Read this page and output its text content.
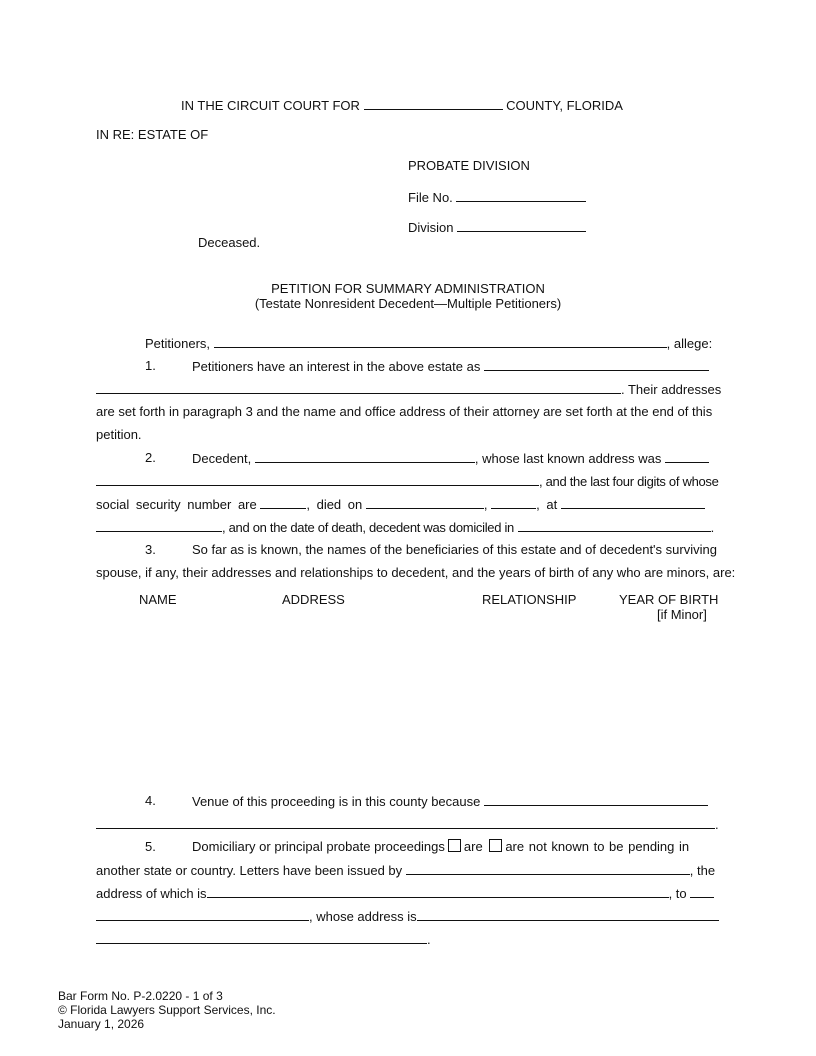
IN THE CIRCUIT COURT FOR	COUNTY, FLORIDA
IN RE: ESTATE OF
PROBATE DIVISION
File No.
Division
Deceased.
PETITION FOR SUMMARY ADMINISTRATION
(Testate Nonresident Decedent—Multiple Petitioners)
Petitioners,	, allege:
1.	Petitioners have an interest in the above estate as
. Their addresses
are set forth in paragraph 3 and the name and office address of their attorney are set forth at the end of this
petition.
2.	Decedent,	, whose last known address was
, and the last four digits of whose
social security number are	, died on	,	, at
, and on the date of death, decedent was domiciled in	.
3.	So far as is known, the names of the beneficiaries of this estate and of decedent's surviving
spouse, if any, their addresses and relationships to decedent, and the years of birth of any who are minors, are:
NAME	ADDRESS	RELATIONSHIP	YEAR OF BIRTH
[if Minor]
4.	Venue of this proceeding is in this county because
.
5.	Domiciliary or principal probate proceedings are are not known to be pending in
another state or country. Letters have been issued by	, the
address of which is	, to
, whose address is
.
Bar Form No. P-2.0220 - 1 of 3
© Florida Lawyers Support Services, Inc.
January 1, 2026
